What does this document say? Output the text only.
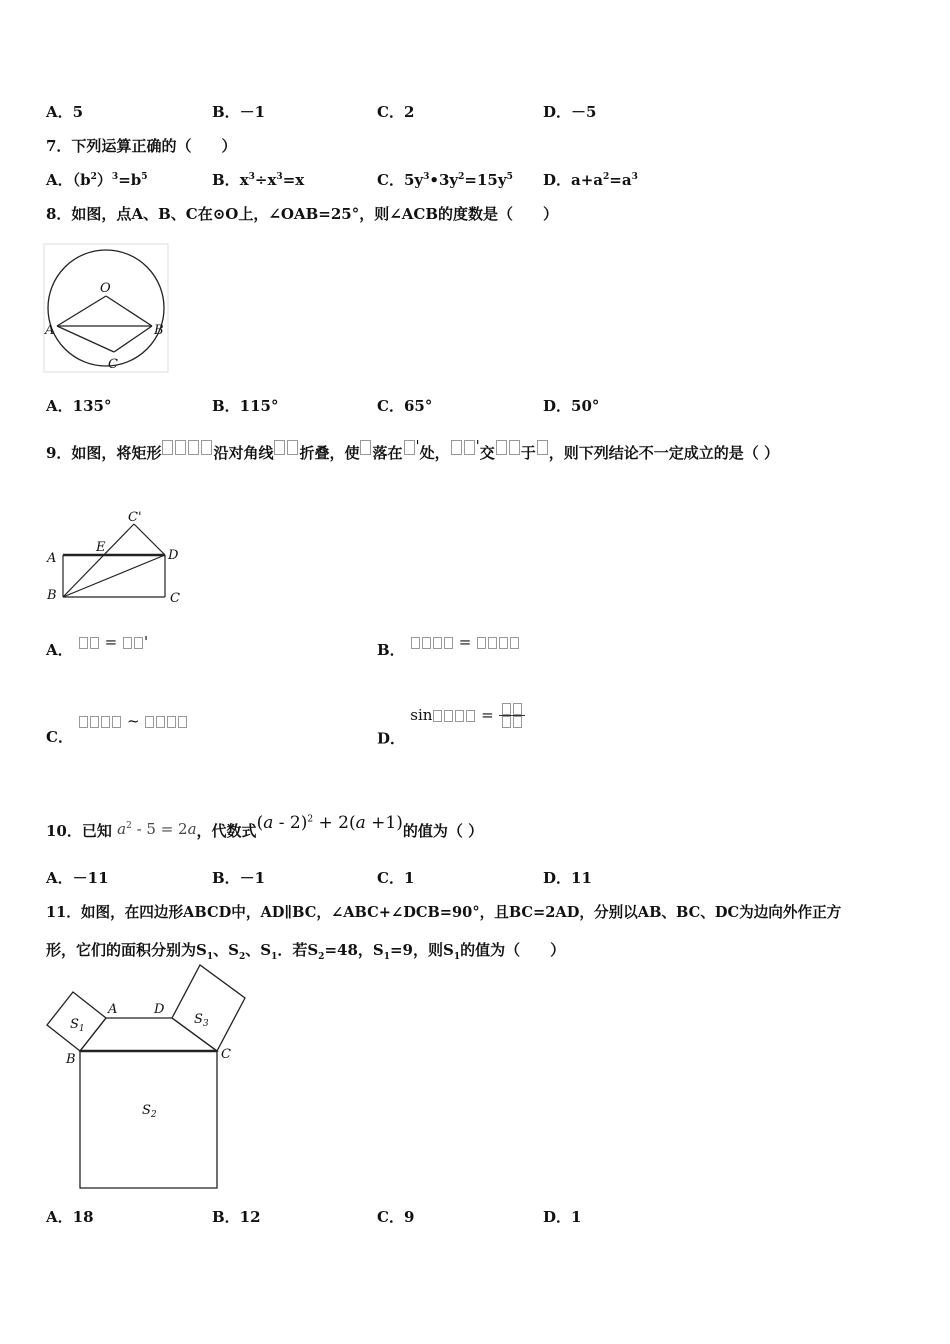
A．5	B．－1	C．2	D．－5
7．下列运算正确的（　　）
A．$(b^2)^3=b^5$	B．$x^3\div x^3=x$	C．$5y^3•3y^2=15y^5$ D．$a+a^2=a^3$
8．如图，点A、B、C在⊙O上，∠OAB=25°，则∠ACB的度数是（　　）
O
A	B
C
A．135°	B．115°	C．65°	D．50°
9．如图，将矩形	沿对角线 折叠，使 落在 '处， '交 于 ，则下列结论不一定成立的是（ ）
C'
A
E
D
B	C
A．  = '	B．	=
C．  ~
D． sin	=
10．已知 $a^2 - 5 = 2a$，代数式(a - 2)$^2$ + 2(a +1)的值为（ ）
A．－11	B．－1	C．1	D．11
11．如图，在四边形ABCD中，AD∥BC，∠ABC+∠DCB=90°，且BC=2AD，分别以AB、BC、DC为边向外作正方
形，它们的面积分别为$S_1$、$S_2$、$S_1$．若$S_2=48$，$S_1=9$，则$S_1$的值为（　　）
A	D
B	C
$S_1$
$S_2$
$S_3$
A．18	B．12	C．9	D．1
